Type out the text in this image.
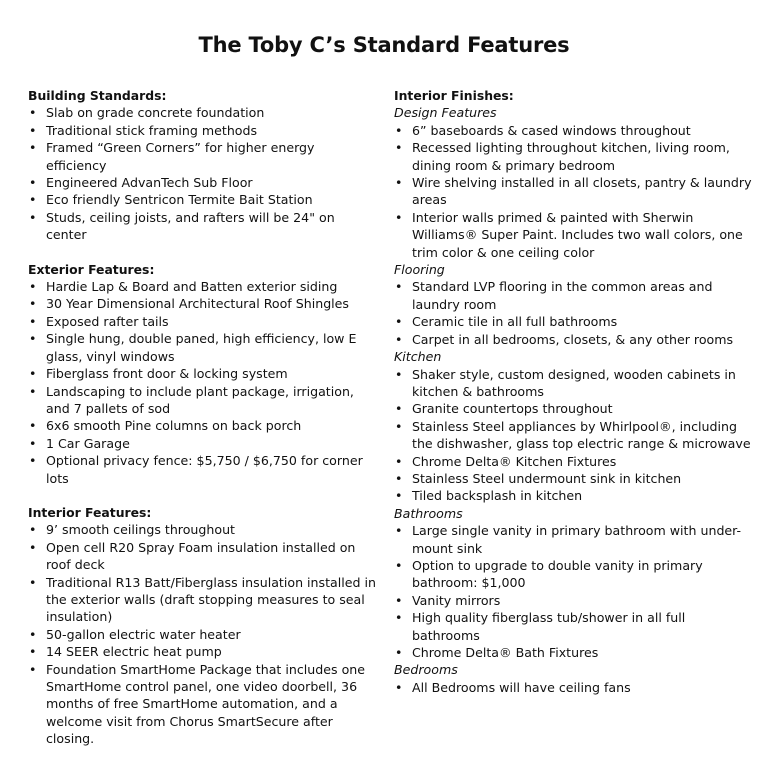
The Toby C’s Standard Features
Building Standards:
• Slab on grade concrete foundation
• Traditional stick framing methods
• Framed “Green Corners” for higher energy efficiency
• Engineered AdvanTech Sub Floor
• Eco friendly Sentricon Termite Bait Station
• Studs, ceiling joists, and rafters will be 24" on center
Exterior Features:
• Hardie Lap & Board and Batten exterior siding
• 30 Year Dimensional Architectural Roof Shingles
• Exposed rafter tails
• Single hung, double paned, high efficiency, low E glass, vinyl windows
• Fiberglass front door & locking system
• Landscaping to include plant package, irrigation, and 7 pallets of sod
• 6x6 smooth Pine columns on back porch
• 1 Car Garage
• Optional privacy fence: $5,750 / $6,750 for corner lots
Interior Features:
• 9’ smooth ceilings throughout
• Open cell R20 Spray Foam insulation installed on roof deck
• Traditional R13 Batt/Fiberglass insulation installed in the exterior walls (draft stopping measures to seal insulation)
• 50-gallon electric water heater
• 14 SEER electric heat pump
• Foundation SmartHome Package that includes one SmartHome control panel, one video doorbell, 36 months of free SmartHome automation, and a welcome visit from Chorus SmartSecure after closing.
Interior Finishes:
Design Features
• 6” baseboards & cased windows throughout
• Recessed lighting throughout kitchen, living room, dining room & primary bedroom
• Wire shelving installed in all closets, pantry & laundry areas
• Interior walls primed & painted with Sherwin Williams® Super Paint. Includes two wall colors, one trim color & one ceiling color
Flooring
• Standard LVP flooring in the common areas and laundry room
• Ceramic tile in all full bathrooms
• Carpet in all bedrooms, closets, & any other rooms
Kitchen
• Shaker style, custom designed, wooden cabinets in kitchen & bathrooms
• Granite countertops throughout
• Stainless Steel appliances by Whirlpool®, including the dishwasher, glass top electric range & microwave
• Chrome Delta® Kitchen Fixtures
• Stainless Steel undermount sink in kitchen
• Tiled backsplash in kitchen
Bathrooms
• Large single vanity in primary bathroom with under-mount sink
• Option to upgrade to double vanity in primary bathroom: $1,000
• Vanity mirrors
• High quality fiberglass tub/shower in all full bathrooms
• Chrome Delta® Bath Fixtures
Bedrooms
• All Bedrooms will have ceiling fans
